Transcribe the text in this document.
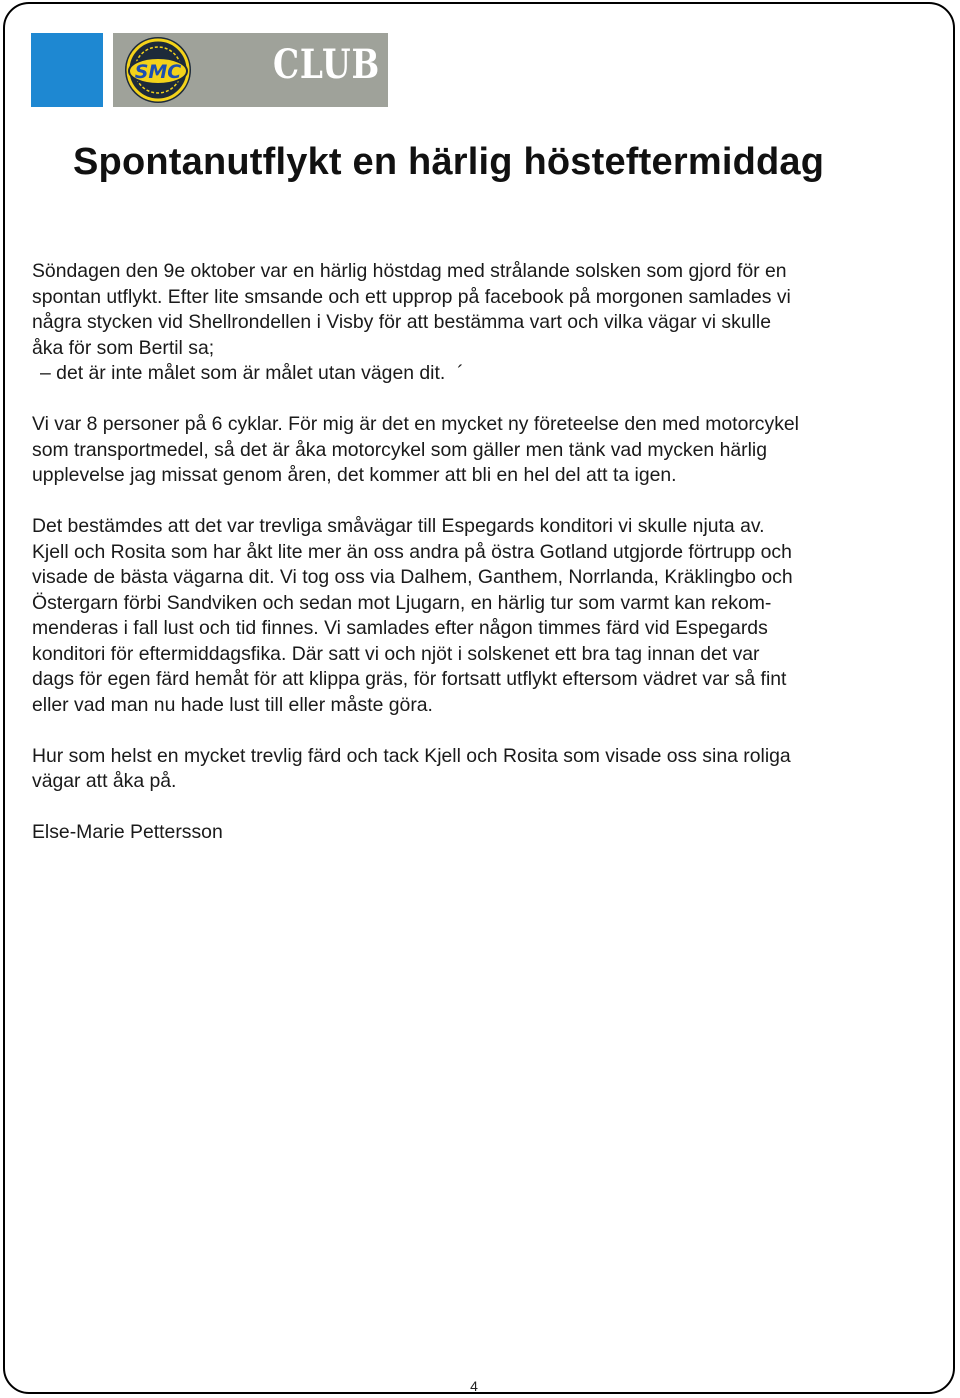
SMC CLUB
Spontanutflykt en härlig hösteftermiddag

Söndagen den 9e oktober var en härlig höstdag med strålande solsken som gjord för en

spontan utflykt. Efter lite smsande och ett upprop på facebook på morgonen samlades vi

några stycken vid Shellrondellen i Visby för att bestämma vart och vilka vägar vi skulle

åka för som Bertil sa;

– det är inte målet som är målet utan vägen dit. ´

Vi var 8 personer på 6 cyklar. För mig är det en mycket ny företeelse den med motorcykel

som transportmedel, så det är åka motorcykel som gäller men tänk vad mycken härlig

upplevelse jag missat genom åren, det kommer att bli en hel del att ta igen.

Det bestämdes att det var trevliga småvägar till Espegards konditori vi skulle njuta av.

Kjell och Rosita som har åkt lite mer än oss andra på östra Gotland utgjorde förtrupp och

visade de bästa vägarna dit. Vi tog oss via Dalhem, Ganthem, Norrlanda, Kräklingbo och

Östergarn förbi Sandviken och sedan mot Ljugarn, en härlig tur som varmt kan rekom-

menderas i fall lust och tid finnes. Vi samlades efter någon timmes färd vid Espegards

konditori för eftermiddagsfika. Där satt vi och njöt i solskenet ett bra tag innan det var

dags för egen färd hemåt för att klippa gräs, för fortsatt utflykt eftersom vädret var så fint

eller vad man nu hade lust till eller måste göra.

Hur som helst en mycket trevlig färd och tack Kjell och Rosita som visade oss sina roliga

vägar att åka på.

Else-Marie Pettersson

4
